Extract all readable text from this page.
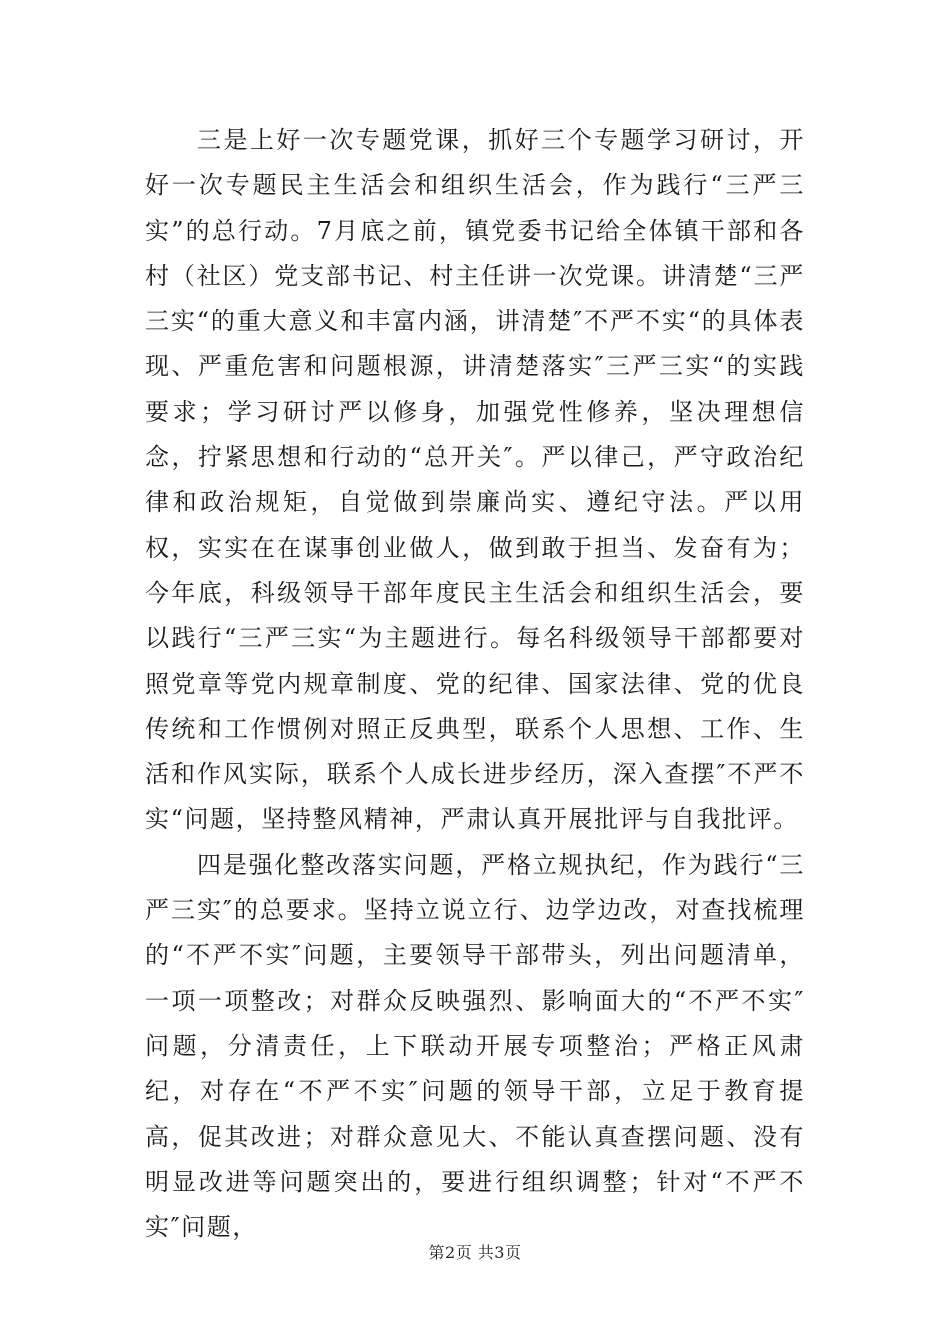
三是上好一次专题党课，抓好三个专题学习研讨，开好一次专题民主生活会和组织生活会，作为践行“三严三实”的总行动。7月底之前，镇党委书记给全体镇干部和各村（社区）党支部书记、村主任讲一次党课。讲清楚“三严三实“的重大意义和丰富内涵，讲清楚″不严不实“的具体表现、严重危害和问题根源，讲清楚落实″三严三实“的实践要求；学习研讨严以修身，加强党性修养，坚决理想信念，拧紧思想和行动的“总开关″。严以律己，严守政治纪律和政治规矩，自觉做到崇廉尚实、遵纪守法。严以用权，实实在在谋事创业做人，做到敢于担当、发奋有为；今年底，科级领导干部年度民主生活会和组织生活会，要以践行“三严三实“为主题进行。每名科级领导干部都要对照党章等党内规章制度、党的纪律、国家法律、党的优良传统和工作惯例对照正反典型，联系个人思想、工作、生活和作风实际，联系个人成长进步经历，深入查摆″不严不实“问题，坚持整风精神，严肃认真开展批评与自我批评。

四是强化整改落实问题，严格立规执纪，作为践行“三严三实″的总要求。坚持立说立行、边学边改，对查找梳理的“不严不实″问题，主要领导干部带头，列出问题清单，一项一项整改；对群众反映强烈、影响面大的“不严不实″问题，分清责任，上下联动开展专项整治；严格正风肃纪，对存在“不严不实″问题的领导干部，立足于教育提高，促其改进；对群众意见大、不能认真查摆问题、没有明显改进等问题突出的，要进行组织调整；针对“不严不实″问题，

第2页 共3页
